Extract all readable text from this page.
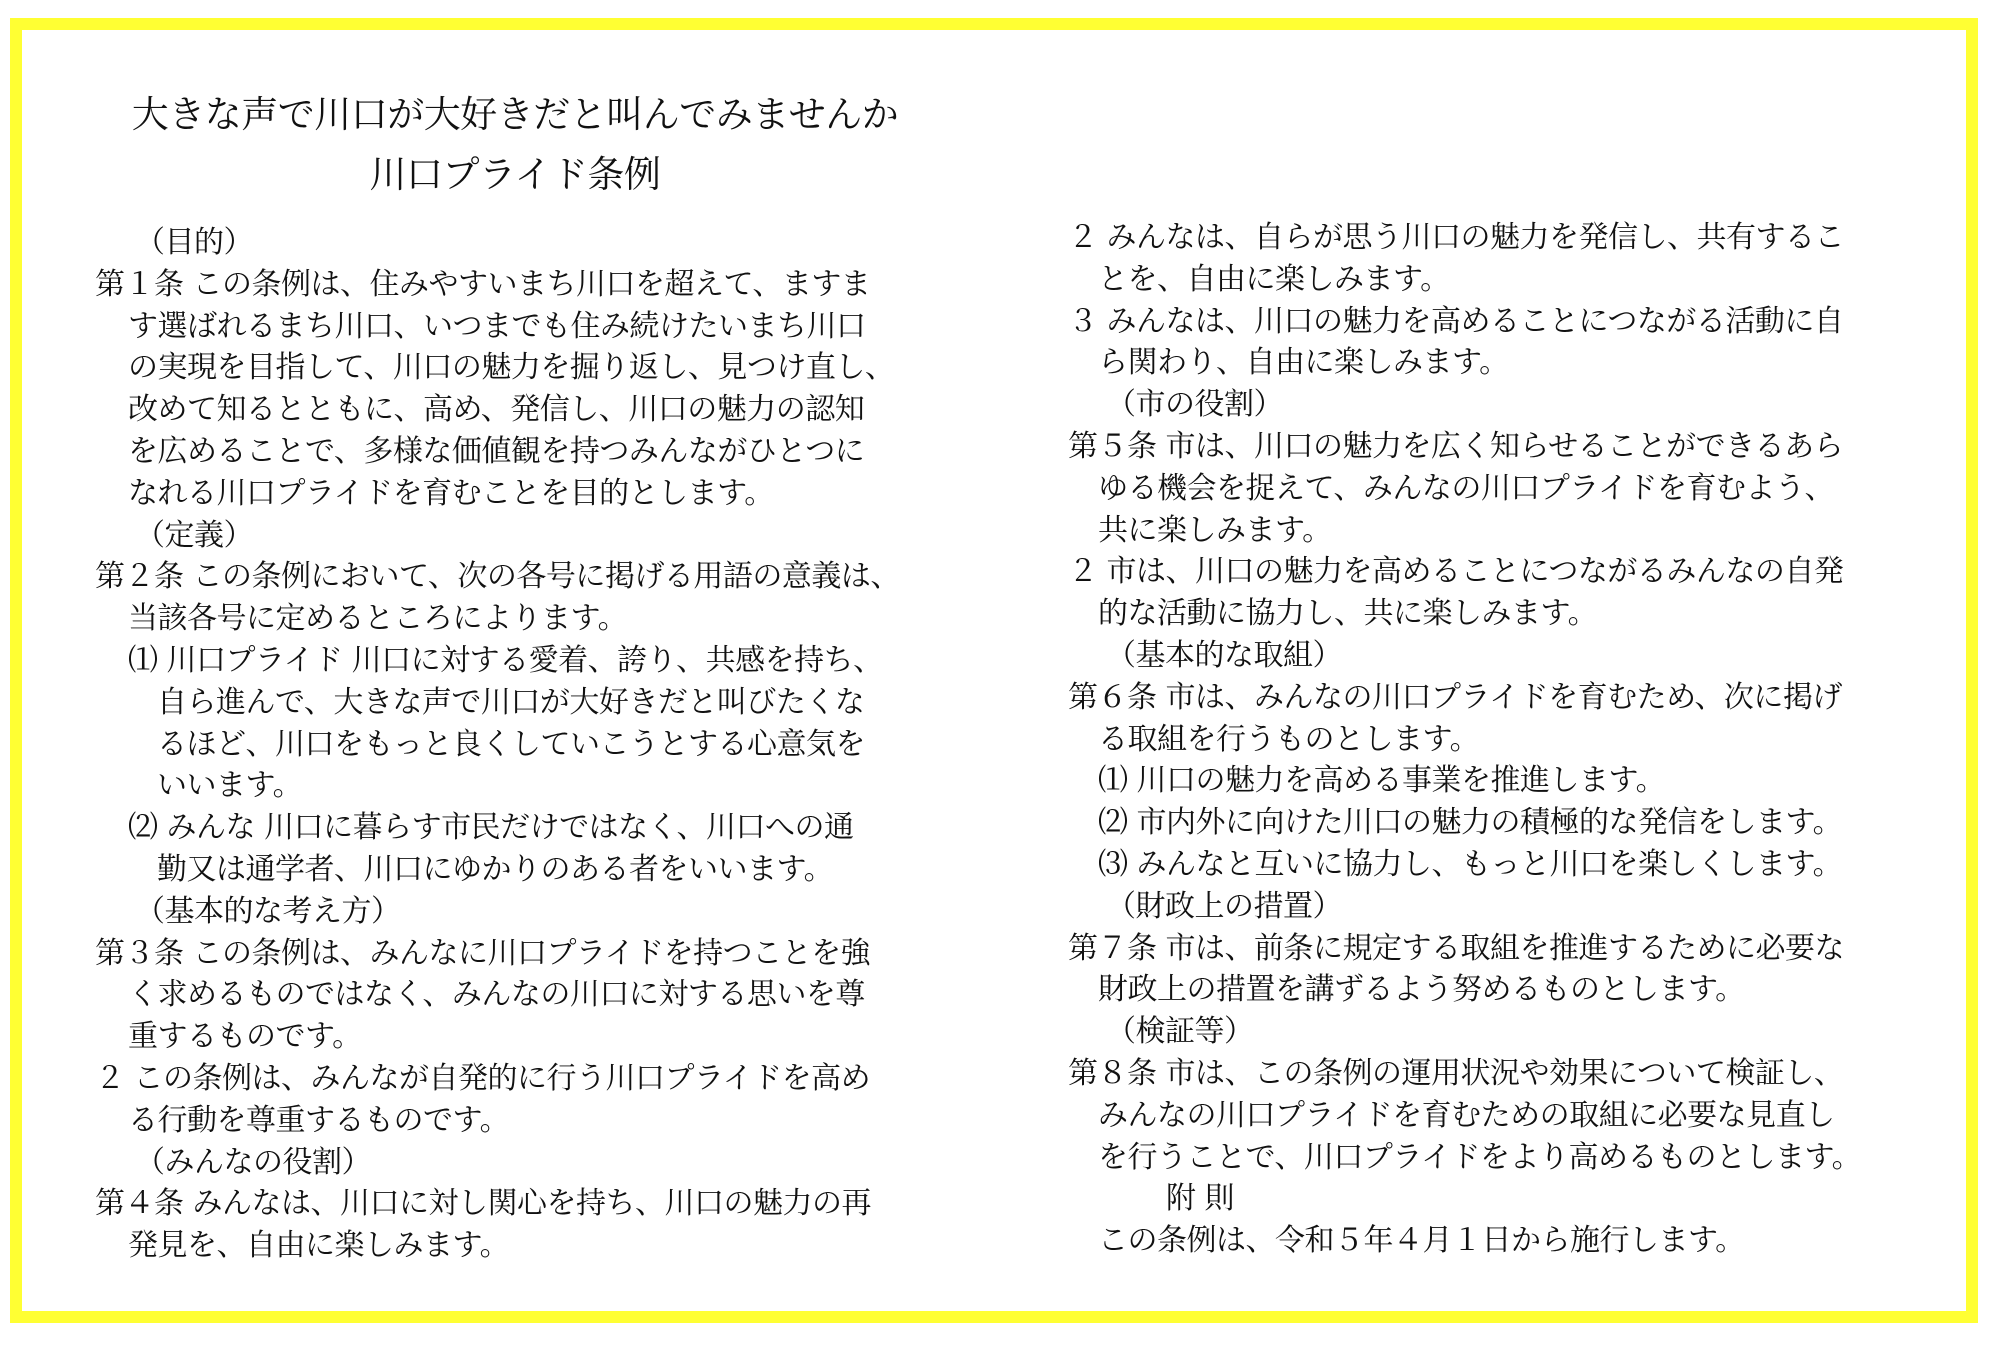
大きな声で川口が大好きだと叫んでみませんか
川口プライド条例
（目的）
第１条 この条例は、住みやすいまち川口を超えて、ますま
す選ばれるまち川口、いつまでも住み続けたいまち川口
の実現を目指して、川口の魅力を掘り返し、見つけ直し、
改めて知るとともに、高め、発信し、川口の魅力の認知
を広めることで、多様な価値観を持つみんながひとつに
なれる川口プライドを育むことを目的とします。
（定義）
第２条 この条例において、次の各号に掲げる用語の意義は、
当該各号に定めるところによります。
⑴ 川口プライド 川口に対する愛着、誇り、共感を持ち、
自ら進んで、大きな声で川口が大好きだと叫びたくな
るほど、川口をもっと良くしていこうとする心意気を
いいます。
⑵ みんな 川口に暮らす市民だけではなく、川口への通
勤又は通学者、川口にゆかりのある者をいいます。
（基本的な考え方）
第３条 この条例は、みんなに川口プライドを持つことを強
く求めるものではなく、みんなの川口に対する思いを尊
重するものです。
２ この条例は、みんなが自発的に行う川口プライドを高め
る行動を尊重するものです。
（みんなの役割）
第４条 みんなは、川口に対し関心を持ち、川口の魅力の再
発見を、自由に楽しみます。
２ みんなは、自らが思う川口の魅力を発信し、共有するこ
とを、自由に楽しみます。
３ みんなは、川口の魅力を高めることにつながる活動に自
ら関わり、自由に楽しみます。
（市の役割）
第５条 市は、川口の魅力を広く知らせることができるあら
ゆる機会を捉えて、みんなの川口プライドを育むよう、
共に楽しみます。
２ 市は、川口の魅力を高めることにつながるみんなの自発
的な活動に協力し、共に楽しみます。
（基本的な取組）
第６条 市は、みんなの川口プライドを育むため、次に掲げ
る取組を行うものとします。
⑴ 川口の魅力を高める事業を推進します。
⑵ 市内外に向けた川口の魅力の積極的な発信をします。
⑶ みんなと互いに協力し、もっと川口を楽しくします。
（財政上の措置）
第７条 市は、前条に規定する取組を推進するために必要な
財政上の措置を講ずるよう努めるものとします。
（検証等）
第８条 市は、この条例の運用状況や効果について検証し、
みんなの川口プライドを育むための取組に必要な見直し
を行うことで、川口プライドをより高めるものとします。
附 則
この条例は、令和５年４月１日から施行します。
